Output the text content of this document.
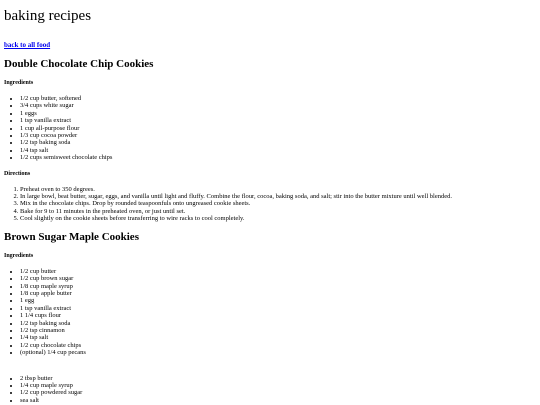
baking recipes
back to all food
Double Chocolate Chip Cookies
Ingredients
• 1/2 cup butter, softened
• 3/4 cups white sugar
• 1 eggs
• 1 tsp vanilla extract
• 1 cup all-purpose flour
• 1/3 cup cocoa powder
• 1/2 tsp baking soda
• 1/4 tsp salt
• 1/2 cups semisweet chocolate chips
Directions
1. Preheat oven to 350 degrees.
2. In large bowl, beat butter, sugar, eggs, and vanilla until light and fluffy. Combine the flour, cocoa, baking soda, and salt; stir into the butter mixture until well blended.
3. Mix in the chocolate chips. Drop by rounded teaspoonfuls onto ungreased cookie sheets.
4. Bake for 9 to 11 minutes in the preheated oven, or just until set.
5. Cool slightly on the cookie sheets before transferring to wire racks to cool completely.
Brown Sugar Maple Cookies
Ingredients
• 1/2 cup butter
• 1/2 cup brown sugar
• 1/8 cup maple syrup
• 1/8 cup apple butter
• 1 egg
• 1 tsp vanilla extract
• 1 1/4 cups flour
• 1/2 tsp baking soda
• 1/2 tsp cinnamon
• 1/4 tsp salt
• 1/2 cup chocolate chips
• (optional) 1/4 cup pecans
• 2 tbsp butter
• 1/4 cup maple syrup
• 1/2 cup powdered sugar
• sea salt
